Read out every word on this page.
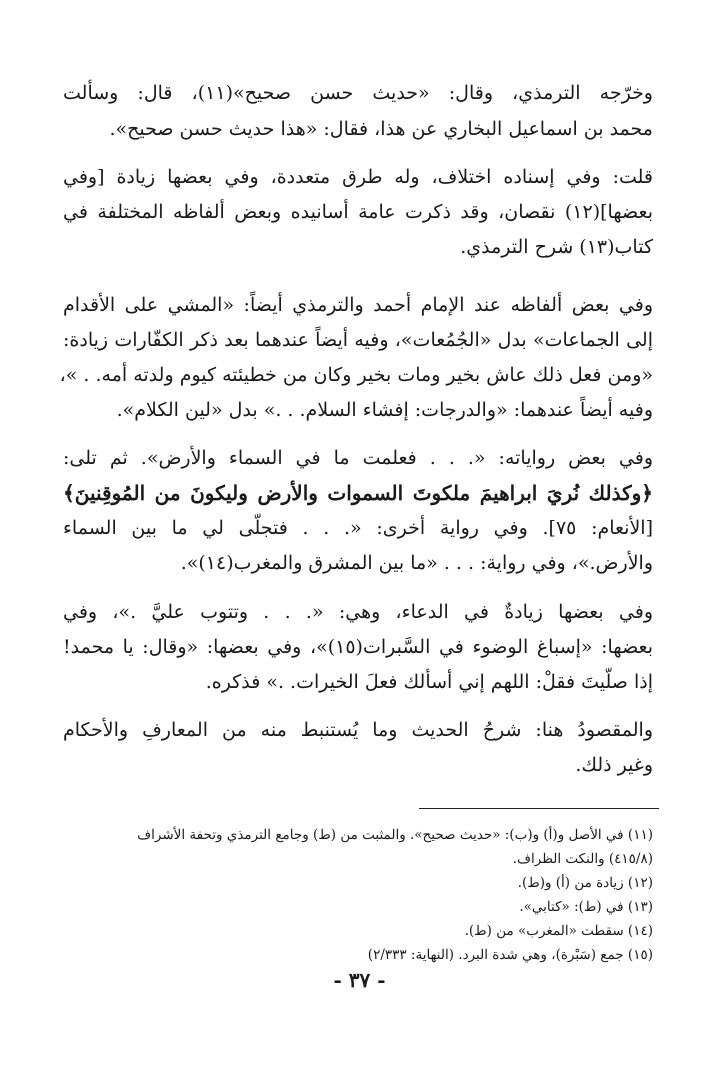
وخرّجه الترمذي، وقال: «حديث حسن صحيح»(١١)، قال: وسألت
محمد بن اسماعيل البخاري عن هذا، فقال: «هذا حديث حسن صحيح».
قلت: وفي إسناده اختلاف، وله طرق متعددة، وفي بعضها زيادة [وفي
بعضها](١٢) نقصان، وقد ذكرت عامة أسانيده وبعض ألفاظه المختلفة في
كتاب(١٣) شرح الترمذي.
وفي بعض ألفاظه عند الإمام أحمد والترمذي أيضاً: «المشي على الأقدام
إلى الجماعات» بدل «الجُمُعات»، وفيه أيضاً عندهما بعد ذكر الكفّارات زيادة:
«ومن فعل ذلك عاش بخير ومات بخير وكان من خطيئته كيوم ولدته أمه. . »،
وفيه أيضاً عندهما: «والدرجات: إفشاء السلام. . .» بدل «لين الكلام».
وفي بعض رواياته: «. . . فعلمت ما في السماء والأرض». ثم تلى:
﴿وكذلك نُريَ ابراهيمَ ملكوتَ السموات والأرض وليكونَ من المُوقِنينَ﴾
[الأنعام: ٧٥]. وفي رواية أخرى: «. . . فتجلّى لي ما بين السماء
والأرض.»، وفي رواية: . . . «ما بين المشرق والمغرب(١٤)».
وفي بعضها زيادةٌ في الدعاء، وهي: «. . . وتتوب عليَّ .»، وفي
بعضها: «إسباغ الوضوء في السَّبرات(١٥)»، وفي بعضها: «وقال: يا محمد!
إذا صلّيتَ فقلْ: اللهم إني أسألك فعلَ الخيرات. .» فذكره.
والمقصودُ هنا: شرحُ الحديث وما يُستنبط منه من المعارفِ والأحكام
وغير ذلك.
(١١) في الأصل و(أ) و(ب): «حديث صحيح». والمثبت من (ط) وجامع الترمذي وتحفة الأشراف
(٤١٥/٨) والنكت الظراف.
(١٢) زيادة من (أ) و(ط).
(١٣) في (ط): «كتابي».
(١٤) سقطت «المغرب» من (ط).
(١٥) جمع (سَبْرة)، وهي شدة البرد. (النهاية: ٢/٣٣٣)
- ٣٧ -
